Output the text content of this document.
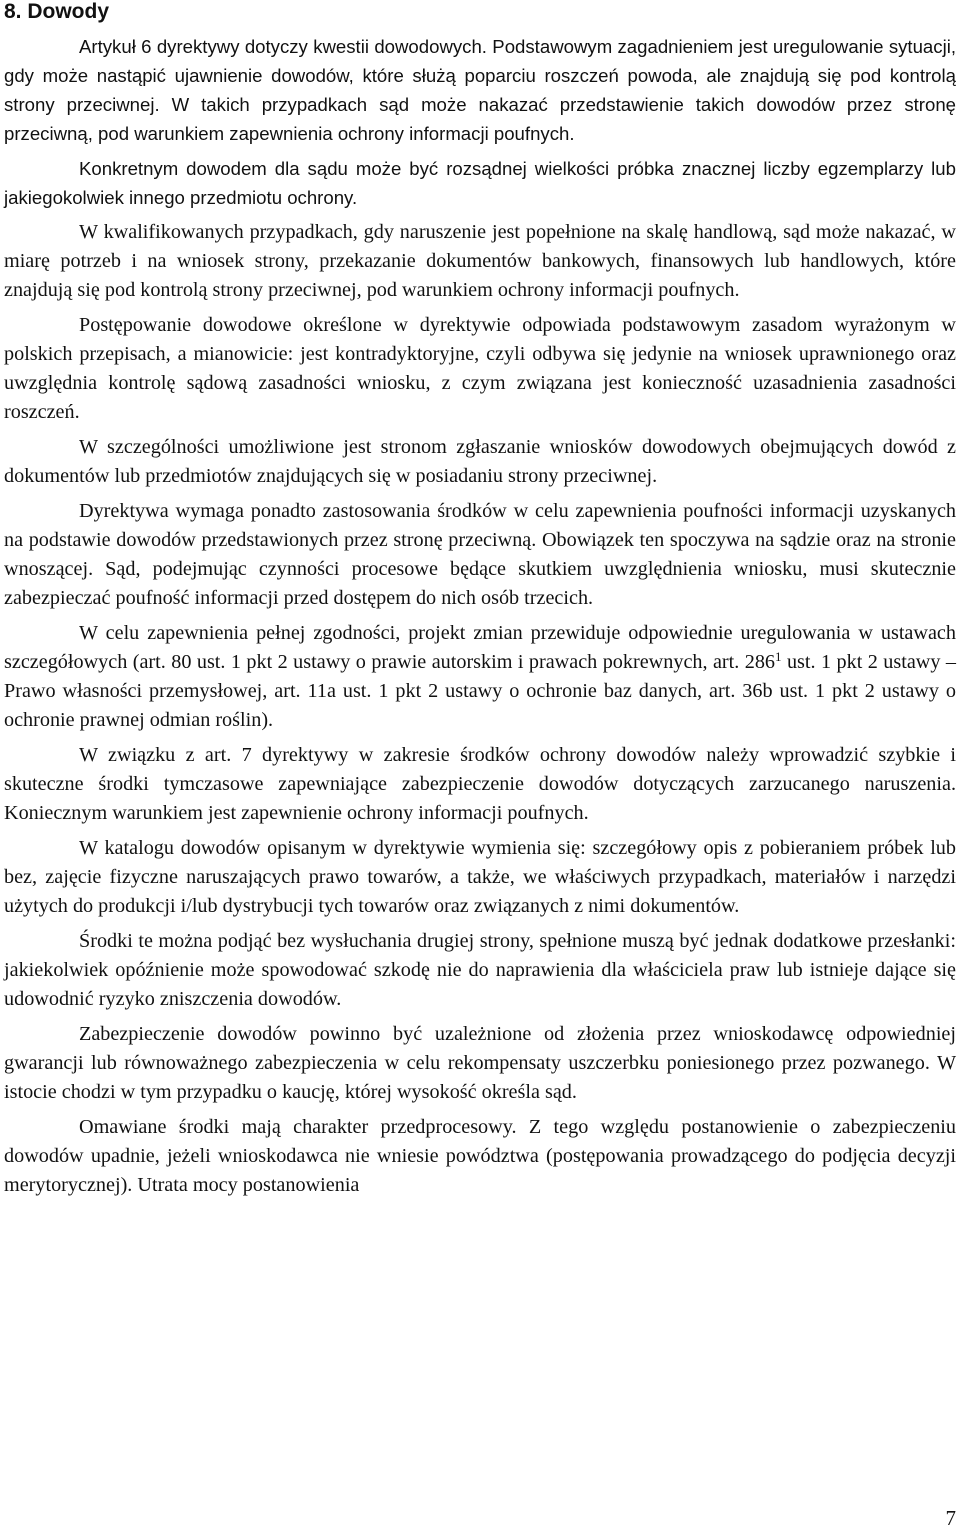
8. Dowody

Artykuł 6 dyrektywy dotyczy kwestii dowodowych. Podstawowym zagadnieniem jest uregulowanie sytuacji, gdy może nastąpić ujawnienie dowodów, które służą poparciu roszczeń powoda, ale znajdują się pod kontrolą strony przeciwnej. W takich przypadkach sąd może nakazać przedstawienie takich dowodów przez stronę przeciwną, pod warunkiem zapewnienia ochrony informacji poufnych.

Konkretnym dowodem dla sądu może być rozsądnej wielkości próbka znacznej liczby egzemplarzy lub jakiegokolwiek innego przedmiotu ochrony.

W kwalifikowanych przypadkach, gdy naruszenie jest popełnione na skalę handlową, sąd może nakazać, w miarę potrzeb i na wniosek strony, przekazanie dokumentów bankowych, finansowych lub handlowych, które znajdują się pod kontrolą strony przeciwnej, pod warunkiem ochrony informacji poufnych.

Postępowanie dowodowe określone w dyrektywie odpowiada podstawowym zasadom wyrażonym w polskich przepisach, a mianowicie: jest kontradyktoryjne, czyli odbywa się jedynie na wniosek uprawnionego oraz uwzględnia kontrolę sądową zasadności wniosku, z czym związana jest konieczność uzasadnienia zasadności roszczeń.

W szczególności umożliwione jest stronom zgłaszanie wniosków dowodowych obejmujących dowód z dokumentów lub przedmiotów znajdujących się w posiadaniu strony przeciwnej.

Dyrektywa wymaga ponadto zastosowania środków w celu zapewnienia poufności informacji uzyskanych na podstawie dowodów przedstawionych przez stronę przeciwną. Obowiązek ten spoczywa na sądzie oraz na stronie wnoszącej. Sąd, podejmując czynności procesowe będące skutkiem uwzględnienia wniosku, musi skutecznie zabezpieczać poufność informacji przed dostępem do nich osób trzecich.

W celu zapewnienia pełnej zgodności, projekt zmian przewiduje odpowiednie uregulowania w ustawach szczegółowych (art. 80 ust. 1 pkt 2 ustawy o prawie autorskim i prawach pokrewnych, art. $286^1$ ust. 1 pkt 2 ustawy – Prawo własności przemysłowej, art. 11a ust. 1 pkt 2 ustawy o ochronie baz danych, art. 36b ust. 1 pkt 2 ustawy o ochronie prawnej odmian roślin).

W związku z art. 7 dyrektywy w zakresie środków ochrony dowodów należy wprowadzić szybkie i skuteczne środki tymczasowe zapewniające zabezpieczenie dowodów dotyczących zarzucanego naruszenia. Koniecznym warunkiem jest zapewnienie ochrony informacji poufnych.

W katalogu dowodów opisanym w dyrektywie wymienia się: szczegółowy opis z pobieraniem próbek lub bez, zajęcie fizyczne naruszających prawo towarów, a także, we właściwych przypadkach, materiałów i narzędzi użytych do produkcji i/lub dystrybucji tych towarów oraz związanych z nimi dokumentów.

Środki te można podjąć bez wysłuchania drugiej strony, spełnione muszą być jednak dodatkowe przesłanki: jakiekolwiek opóźnienie może spowodować szkodę nie do naprawienia dla właściciela praw lub istnieje dające się udowodnić ryzyko zniszczenia dowodów.

Zabezpieczenie dowodów powinno być uzależnione od złożenia przez wnioskodawcę odpowiedniej gwarancji lub równoważnego zabezpieczenia w celu rekompensaty uszczerbku poniesionego przez pozwanego. W istocie chodzi w tym przypadku o kaucję, której wysokość określa sąd.

Omawiane środki mają charakter przedprocesowy. Z tego względu postanowienie o zabezpieczeniu dowodów upadnie, jeżeli wnioskodawca nie wniesie powództwa (postępowania prowadzącego do podjęcia decyzji merytorycznej). Utrata mocy postanowienia

7
